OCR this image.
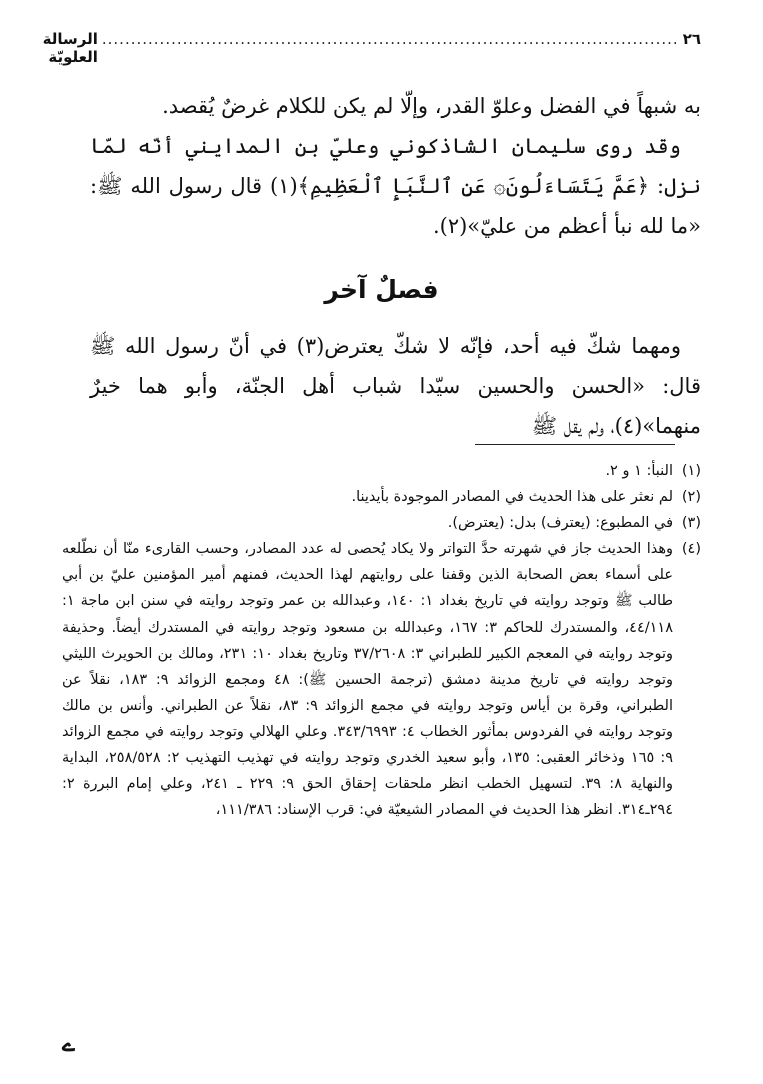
٢٦
....................................................................................................
الرسالة العلويّة

به شبهاً في الفضل وعلوّ القدر، وإلّا لم يكن للكلام غرضٌ يُقصد.

وقد روى سليمان الشاذكوني وعليّ بن المدايني أنّه لمّا نزل: ﴿عَمَّ يَتَسَاءَلُونَ۞ عَنِ ٱلنَّبَإِ ٱلْعَظِيمِ﴾(١) قال رسول الله ﷺ: «ما لله نبأ أعظم من عليّ»(٢).

فصلٌ آخر

ومهما شكّ فيه أحد، فإنّه لا شكّ يعترض(٣) في أنّ رسول الله ﷺ قال: «الحسن والحسين سيّدا شباب أهل الجنّة، وأبو هما خيرٌ منهما»(٤)، ولم يقل ﷺ

(١)
النبأ: ١ و ٢.

(٢)
لم نعثر على هذا الحديث في المصادر الموجودة بأيدينا.

(٣)
في المطبوع: (يعترف) بدل: (يعترض).

(٤)
وهذا الحديث جاز في شهرته حدَّ التواتر ولا يكاد يُحصى له عدد المصادر، وحسب القارىء منّا أن نطّلعه على أسماء بعض الصحابة الذين وقفنا على روايتهم لهذا الحديث، فمنهم أمير المؤمنين عليّ بن أبي طالب ﷺ وتوجد روايته في تاريخ بغداد ١: ١٤٠، وعبدالله بن عمر وتوجد روايته في سنن ابن ماجة ١: ٤٤/١١٨، والمستدرك للحاكم ٣: ١٦٧، وعبدالله بن مسعود وتوجد روايته في المستدرك أيضاً. وحذيفة وتوجد روايته في المعجم الكبير للطبراني ٣: ٣٧/٢٦٠٨ وتاريخ بغداد ١٠: ٢٣١، ومالك بن الحويرث الليثي وتوجد روايته في تاريخ مدينة دمشق (ترجمة الحسين ﷺ): ٤٨ ومجمع الزوائد ٩: ١٨٣، نقلاً عن الطبراني، وقرة بن أياس وتوجد روايته في مجمع الزوائد ٩: ٨٣، نقلاً عن الطبراني. وأنس بن مالك وتوجد روايته في الفردوس بمأثور الخطاب ٤: ٣٤٣/٦٩٩٣. وعلي الهلالي وتوجد روايته في مجمع الزوائد ٩: ١٦٥ وذخائر العقبى: ١٣٥، وأبو سعيد الخدري وتوجد روايته في تهذيب التهذيب ٢: ٢٥٨/٥٢٨، البداية والنهاية ٨: ٣٩. لتسهيل الخطب انظر ملحقات إحقاق الحق ٩: ٢٢٩ ـ ٢٤١، وعلي إمام البررة ٢: ٢٩٤ـ٣١٤. انظر هذا الحديث في المصادر الشيعيّة في: قرب الإسناد: ١١١/٣٨٦،

ے
